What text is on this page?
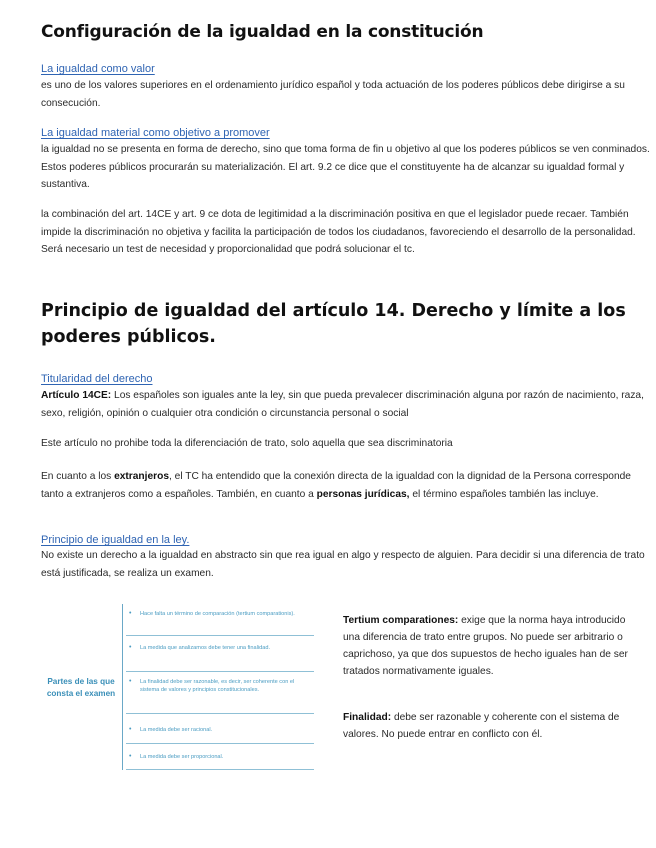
Configuración de la igualdad en la constitución

La igualdad como valor

es uno de los valores superiores en el ordenamiento jurídico español y toda actuación de los poderes públicos debe dirigirse a su consecución.

La igualdad material como objetivo a promover

la igualdad no se presenta en forma de derecho, sino que toma forma de fin u objetivo al que los poderes públicos se ven conminados. Estos poderes públicos procurarán su materialización. El art. 9.2 ce dice que el constituyente ha de alcanzar su igualdad formal y sustantiva.

la combinación del art. 14CE y art. 9 ce dota de legitimidad a la discriminación positiva en que el legislador puede recaer. También impide la discriminación no objetiva y facilita la participación de todos los ciudadanos, favoreciendo el desarrollo de la personalidad. Será necesario un test de necesidad y proporcionalidad que podrá solucionar el tc.

Principio de igualdad del artículo 14. Derecho y límite a los poderes públicos.

Titularidad del derecho

Artículo 14CE: Los españoles son iguales ante la ley, sin que pueda prevalecer discriminación alguna por razón de nacimiento, raza, sexo, religión, opinión o cualquier otra condición o circunstancia personal o social

Este artículo no prohibe toda la diferenciación de trato, solo aquella que sea discriminatoria

En cuanto a los extranjeros, el TC ha entendido que la conexión directa de la igualdad con la dignidad de la Persona corresponde tanto a extranjeros como a españoles. También, en cuanto a personas jurídicas, el término españoles también las incluye.

Principio de igualdad en la ley.

No existe un derecho a la igualdad en abstracto sin que rea igual en algo y respecto de alguien. Para decidir si una diferencia de trato está justificada, se realiza un examen.

Partes de las que consta el examen
• Hace falta un término de comparación (tertium comparationis).
• La medida que analizamos debe tener una finalidad.
• La finalidad debe ser razonable, es decir, ser coherente con el sistema de valores y principios constitucionales.
• La medida debe ser racional.
• La medida debe ser proporcional.

Tertium comparationes: exige que la norma haya introducido una diferencia de trato entre grupos. No puede ser arbitrario o caprichoso, ya que dos supuestos de hecho iguales han de ser tratados normativamente iguales.

Finalidad: debe ser razonable y coherente con el sistema de valores. No puede entrar en conflicto con él.
